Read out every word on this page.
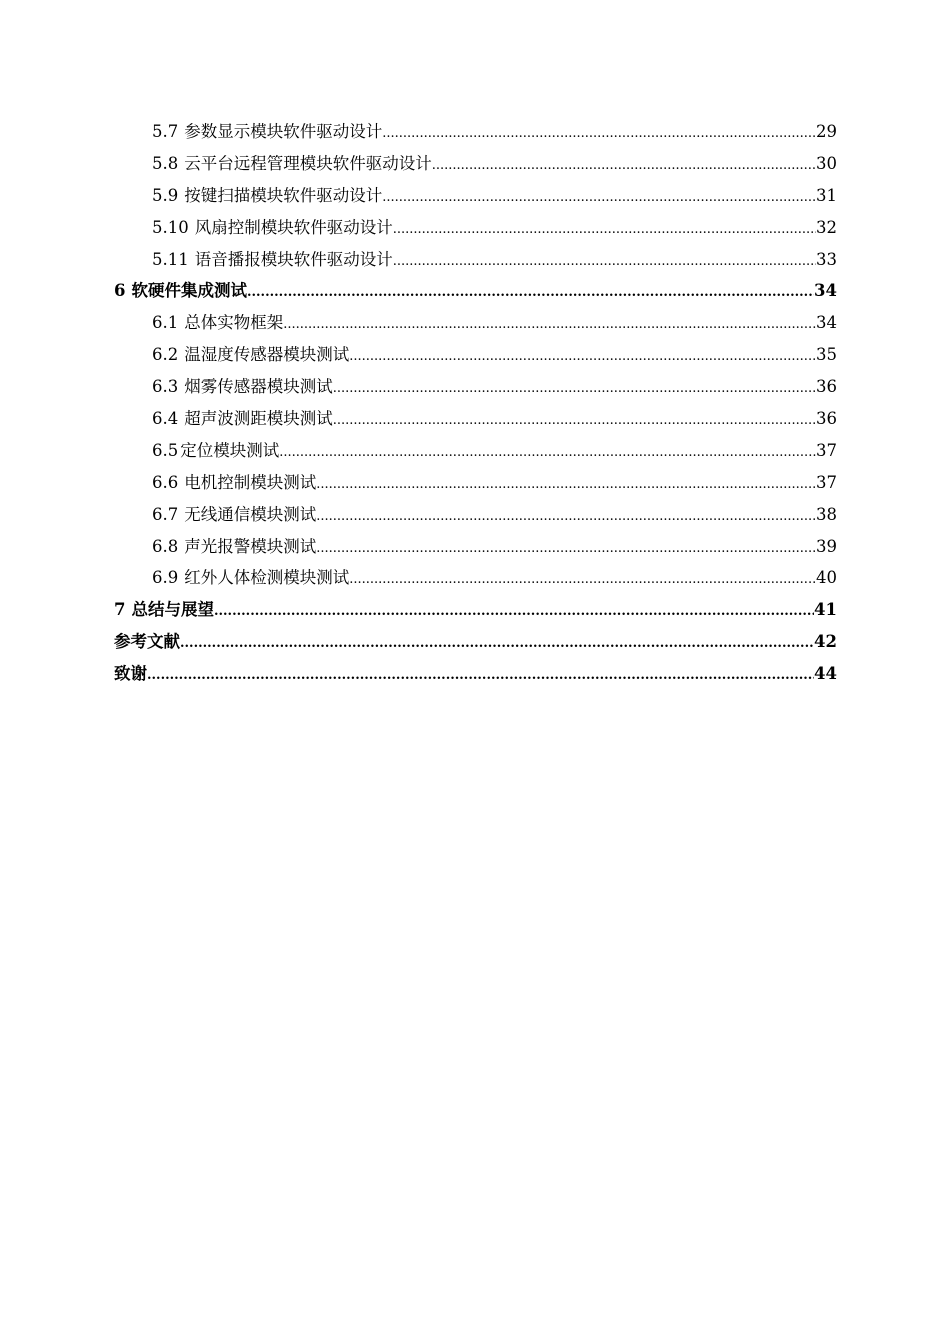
5.7 参数显示模块软件驱动设计 .....	29
5.8 云平台远程管理模块软件驱动设计 .....	30
5.9 按键扫描模块软件驱动设计 .....	31
5.10 风扇控制模块软件驱动设计 .....	32
5.11 语音播报模块软件驱动设计 .....	33
6 软硬件集成测试 .....	34
6.1 总体实物框架 .....	34
6.2 温湿度传感器模块测试 .....	35
6.3 烟雾传感器模块测试 .....	36
6.4 超声波测距模块测试 .....	36
6.5 定位模块测试 .....	37
6.6 电机控制模块测试 .....	37
6.7 无线通信模块测试 .....	38
6.8 声光报警模块测试 .....	39
6.9 红外人体检测模块测试 .....	40
7 总结与展望 .....	41
参考文献 .....	42
致谢 .....	44
